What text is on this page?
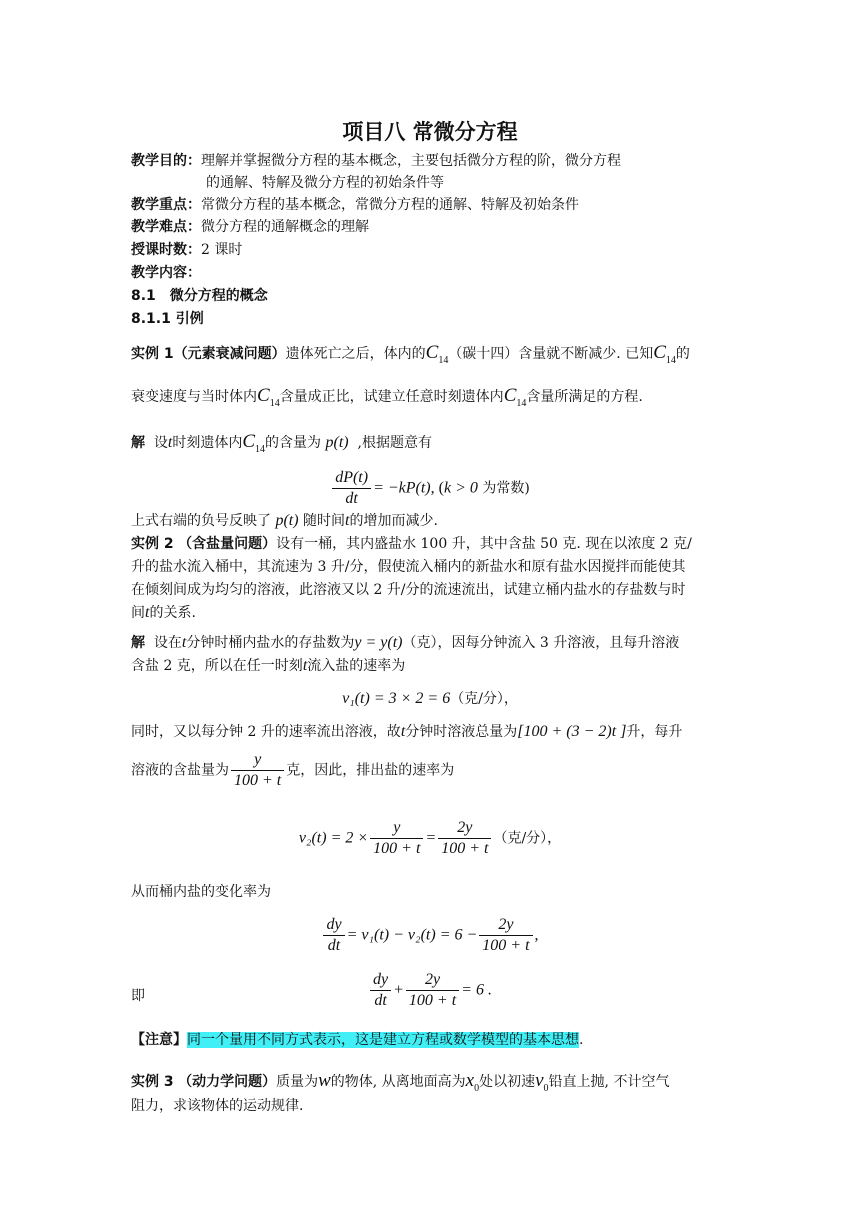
项目八 常微分方程
教学目的：理解并掌握微分方程的基本概念，主要包括微分方程的阶，微分方程
的通解、特解及微分方程的初始条件等
教学重点：常微分方程的基本概念，常微分方程的通解、特解及初始条件
教学难点：微分方程的通解概念的理解
授课时数：2 课时
教学内容：
8.1　微分方程的概念
8.1.1 引例
实例 1（元素衰减问题）遗体死亡之后，体内的$C_{14}$（碳十四）含量就不断减少. 已知$C_{14}$的
衰变速度与当时体内$C_{14}$含量成正比，试建立任意时刻遗体内$C_{14}$含量所满足的方程.
解 设t时刻遗体内$C_{14}$的含量为 p(t) ,根据题意有
$\frac{dP(t)}{dt} = -kP(t)$, (k > 0 为常数)
上式右端的负号反映了 p(t) 随时间t的增加而减少.
实例 2 （含盐量问题）设有一桶，其内盛盐水 100 升，其中含盐 50 克. 现在以浓度 2 克/
升的盐水流入桶中，其流速为 3 升/分，假使流入桶内的新盐水和原有盐水因搅拌而能使其
在倾刻间成为均匀的溶液，此溶液又以 2 升/分的流速流出，试建立桶内盐水的存盐数与时
间t的关系.
解 设在t分钟时桶内盐水的存盐数为y = y(t)（克），因每分钟流入 3 升溶液，且每升溶液
含盐 2 克，所以在任一时刻t流入盐的速率为
v₁(t) = 3 × 2 = 6（克/分），
同时，又以每分钟 2 升的速率流出溶液，故t分钟时溶液总量为[100 + (3 − 2)t ]升，每升
溶液的含盐量为 $\frac{y}{100 + t}$ 克，因此，排出盐的速率为
$v_2(t) = 2 \times \frac{y}{100 + t} = \frac{2y}{100 + t}$ （克/分），
从而桶内盐的变化率为
$\frac{dy}{dt} = v_1(t) - v_2(t) = 6 - \frac{2y}{100 + t}$ ,
即	$\frac{dy}{dt} + \frac{2y}{100 + t} = 6$ .
【注意】同一个量用不同方式表示，这是建立方程或数学模型的基本思想.
实例 3 （动力学问题）质量为w的物体, 从离地面高为$x_0$处以初速$v_0$铅直上抛, 不计空气
阻力，求该物体的运动规律.
